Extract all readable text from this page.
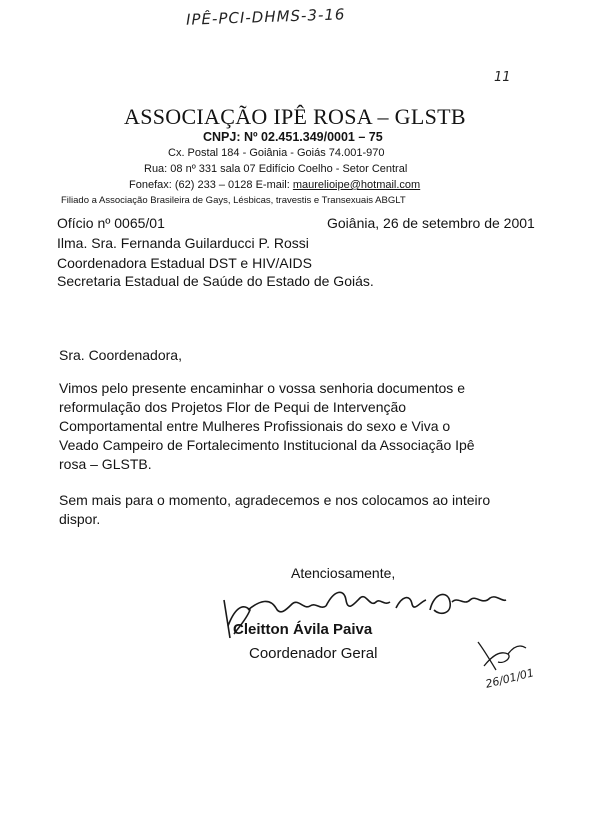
IPÊ-PCI-DHMS-3-16
11
ASSOCIAÇÃO IPÊ ROSA – GLSTB
CNPJ: Nº 02.451.349/0001 – 75
Cx. Postal 184 - Goiânia - Goiás 74.001-970
Rua: 08 nº 331 sala 07 Edifício Coelho - Setor Central
Fonefax: (62) 233 – 0128 E-mail: maurelioipe@hotmail.com
Filiado a Associação Brasileira de Gays, Lésbicas, travestis e Transexuais ABGLT
Ofício nº 0065/01	Goiânia, 26 de setembro de 2001
Ilma. Sra. Fernanda Guilarducci P. Rossi
Coordenadora Estadual DST e HIV/AIDS
Secretaria Estadual de Saúde do Estado de Goiás.
Sra. Coordenadora,
Vimos pelo presente encaminhar o vossa senhoria documentos e
reformulação dos Projetos Flor de Pequi de Intervenção
Comportamental entre Mulheres Profissionais do sexo e Viva o
Veado Campeiro de Fortalecimento Institucional da Associação Ipê
rosa – GLSTB.
Sem mais para o momento, agradecemos e nos colocamos ao inteiro
dispor.
Atenciosamente,
Cleitton Ávila Paiva
Coordenador Geral
26/01/01
